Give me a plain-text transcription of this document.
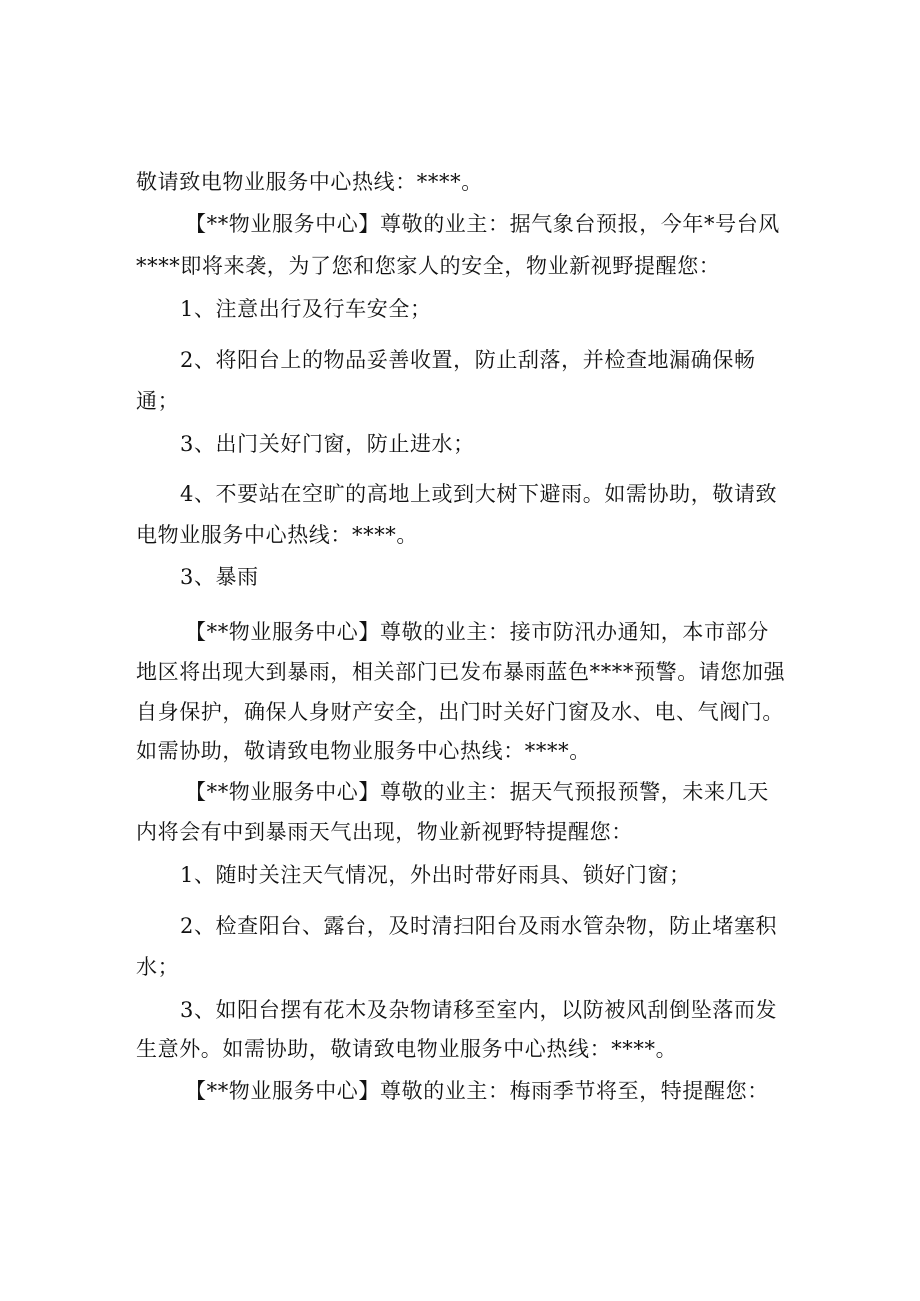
敬请致电物业服务中心热线：****。
【**物业服务中心】尊敬的业主：据气象台预报，今年*号台风
****即将来袭，为了您和您家人的安全，物业新视野提醒您：
1、注意出行及行车安全；
2、将阳台上的物品妥善收置，防止刮落，并检查地漏确保畅
通；
3、出门关好门窗，防止进水；
4、不要站在空旷的高地上或到大树下避雨。如需协助，敬请致
电物业服务中心热线：****。
3、暴雨
【**物业服务中心】尊敬的业主：接市防汛办通知，本市部分
地区将出现大到暴雨，相关部门已发布暴雨蓝色****预警。请您加强
自身保护，确保人身财产安全，出门时关好门窗及水、电、气阀门。
如需协助，敬请致电物业服务中心热线：****。
【**物业服务中心】尊敬的业主：据天气预报预警，未来几天
内将会有中到暴雨天气出现，物业新视野特提醒您：
1、随时关注天气情况，外出时带好雨具、锁好门窗；
2、检查阳台、露台，及时清扫阳台及雨水管杂物，防止堵塞积
水；
3、如阳台摆有花木及杂物请移至室内，以防被风刮倒坠落而发
生意外。如需协助，敬请致电物业服务中心热线：****。
【**物业服务中心】尊敬的业主：梅雨季节将至，特提醒您：
